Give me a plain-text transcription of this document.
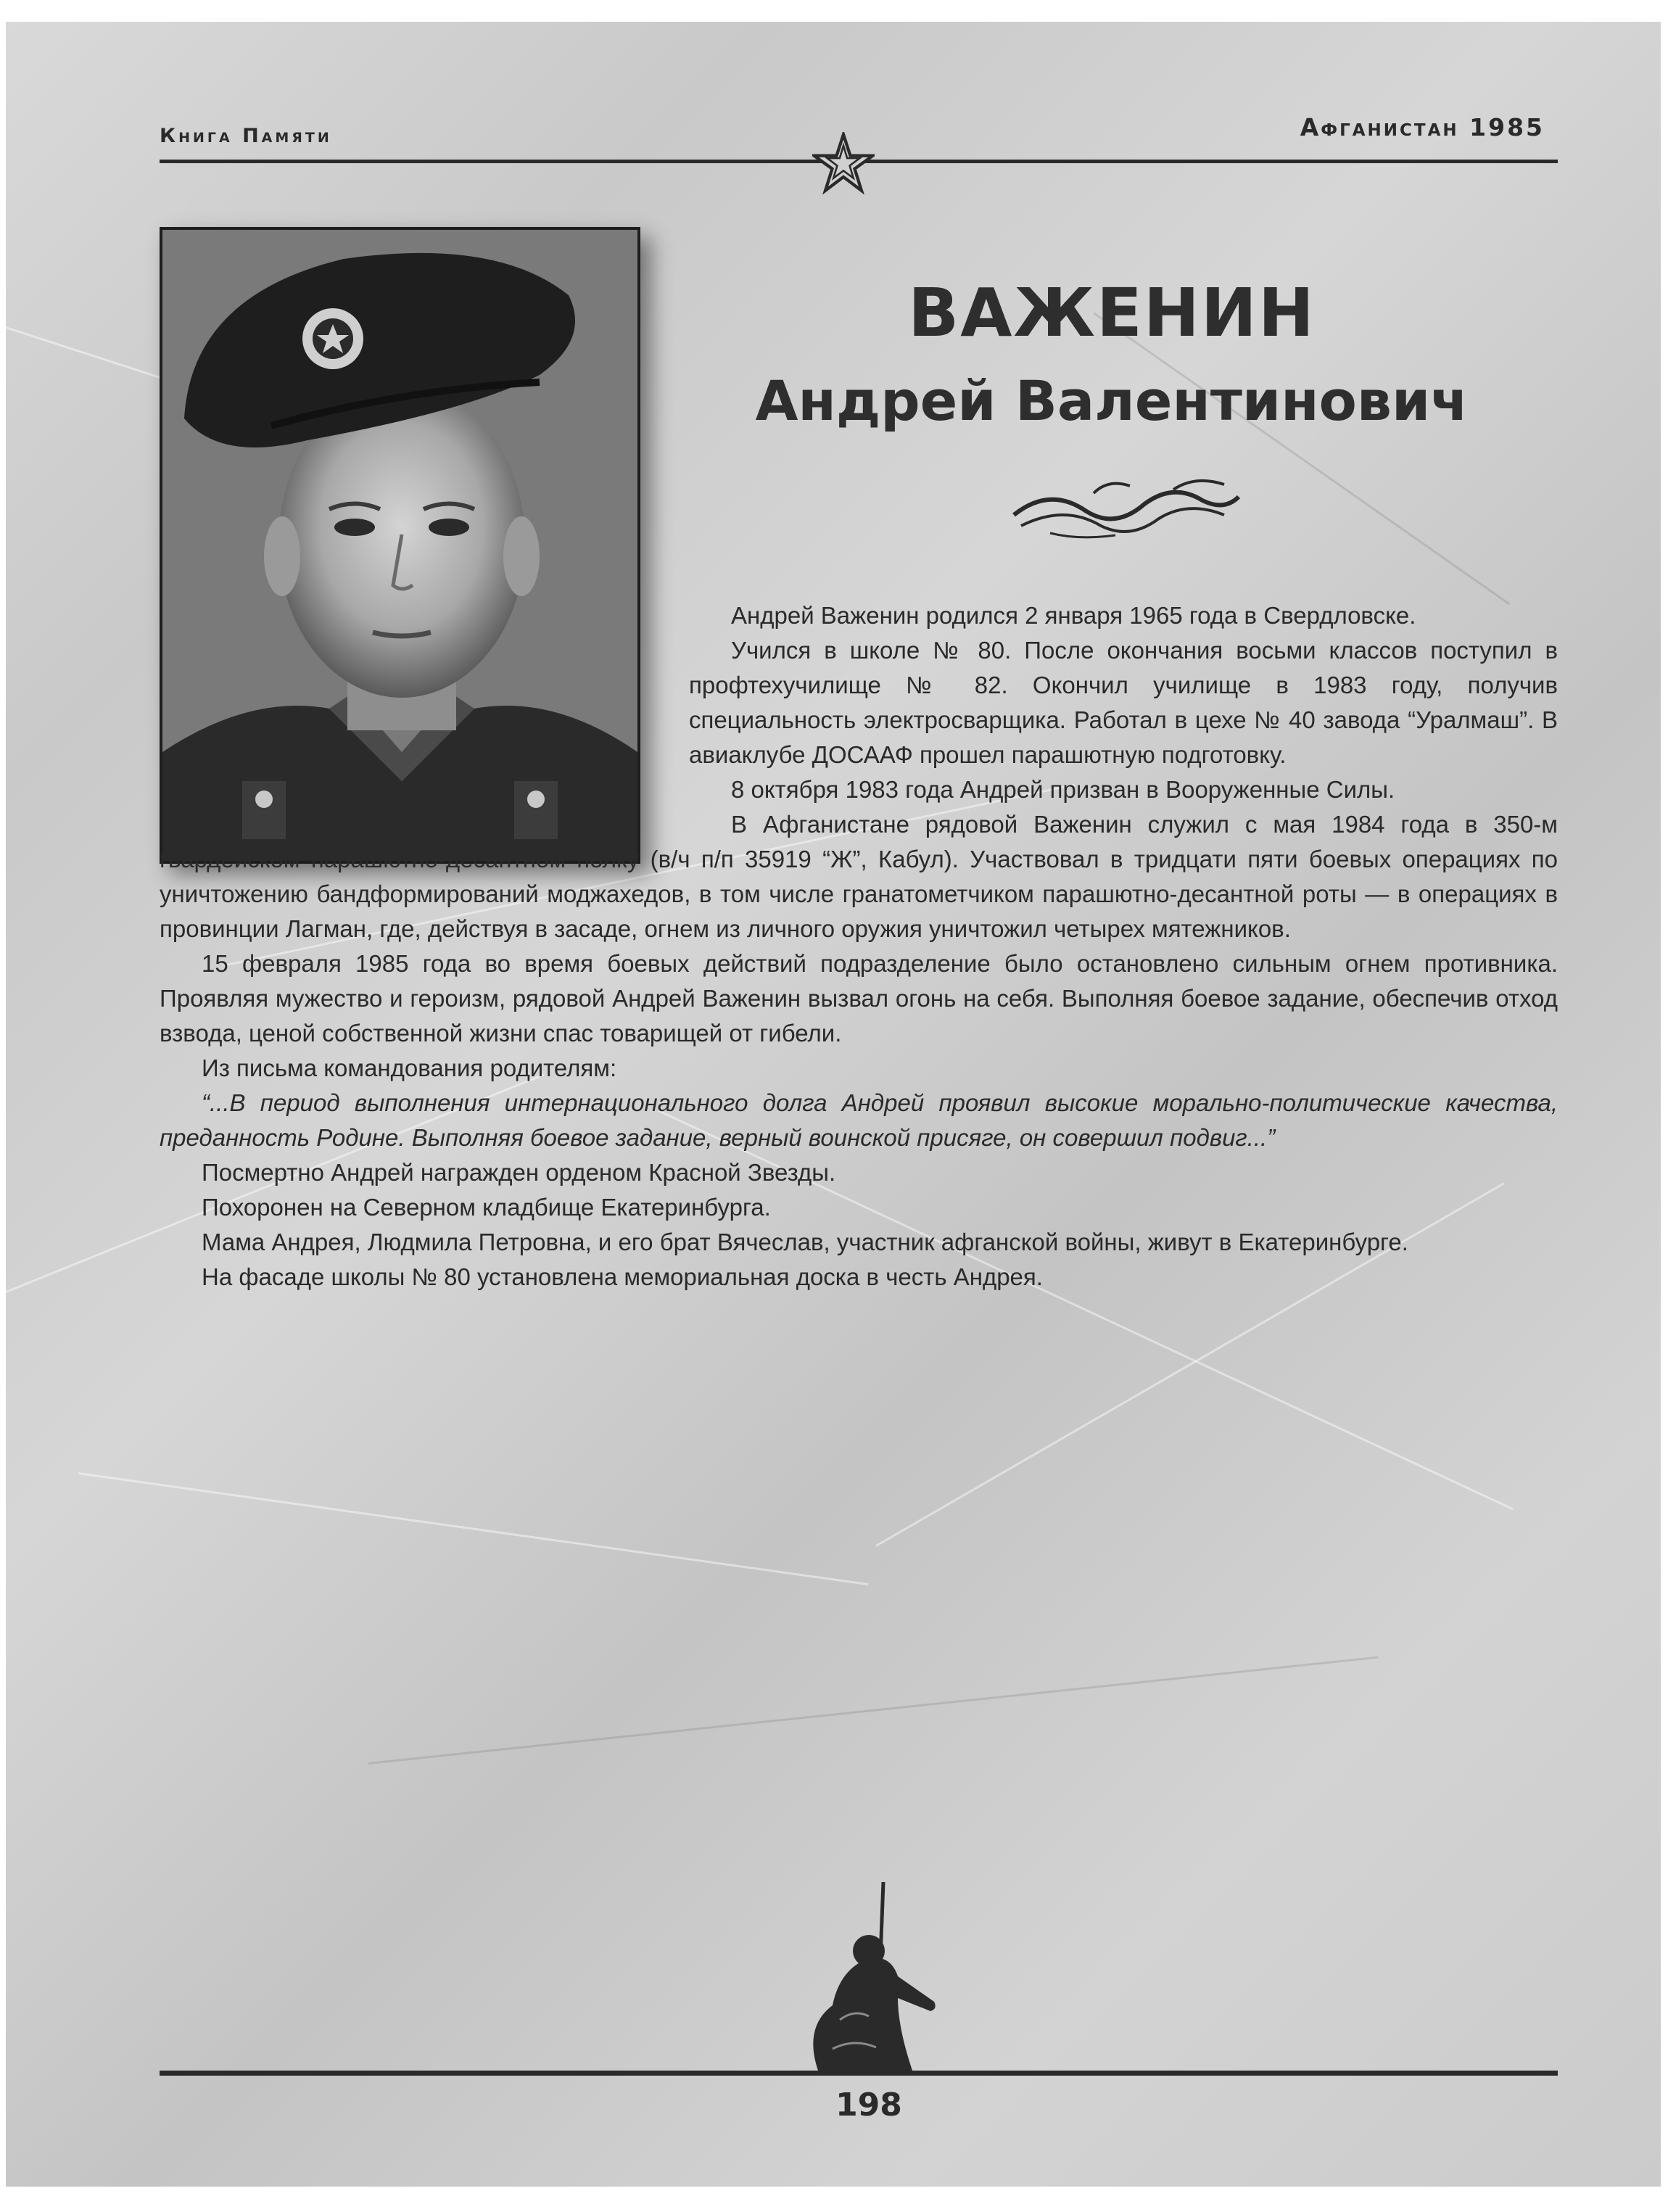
Книга Памяти	Афганистан 1985
ВАЖЕНИН
Андрей Валентинович

Андрей Важенин родился 2 января 1965 года в Свердловске.

Учился в школе № 80. После окончания восьми классов поступил в профтехучилище № 82. Окончил училище в 1983 году, получив специальность электросварщика. Работал в цехе № 40 завода “Уралмаш”. В авиаклубе ДОСААФ прошел парашютную подготовку.

8 октября 1983 года Андрей призван в Вооруженные Силы.

В Афганистане рядовой Важенин служил с мая 1984 года в 350-м гвардейском парашютно-десантном полку (в/ч п/п 35919 “Ж”, Кабул). Участвовал в тридцати пяти боевых операциях по уничтожению бандформирований моджахедов, в том числе гранатометчиком парашютно-десантной роты — в операциях в провинции Лагман, где, действуя в засаде, огнем из личного оружия уничтожил четырех мятежников.

15 февраля 1985 года во время боевых действий подразделение было остановлено сильным огнем противника. Проявляя мужество и героизм, рядовой Андрей Важенин вызвал огонь на себя. Выполняя боевое задание, обеспечив отход взвода, ценой собственной жизни спас товарищей от гибели.

Из письма командования родителям:

“...В период выполнения интернационального долга Андрей проявил высокие морально-политические качества, преданность Родине. Выполняя боевое задание, верный воинской присяге, он совершил подвиг...”

Посмертно Андрей награжден орденом Красной Звезды.

Похоронен на Северном кладбище Екатеринбурга.

Мама Андрея, Людмила Петровна, и его брат Вячеслав, участник афганской войны, живут в Екатеринбурге.

На фасаде школы № 80 установлена мемориальная доска в честь Андрея.

198
